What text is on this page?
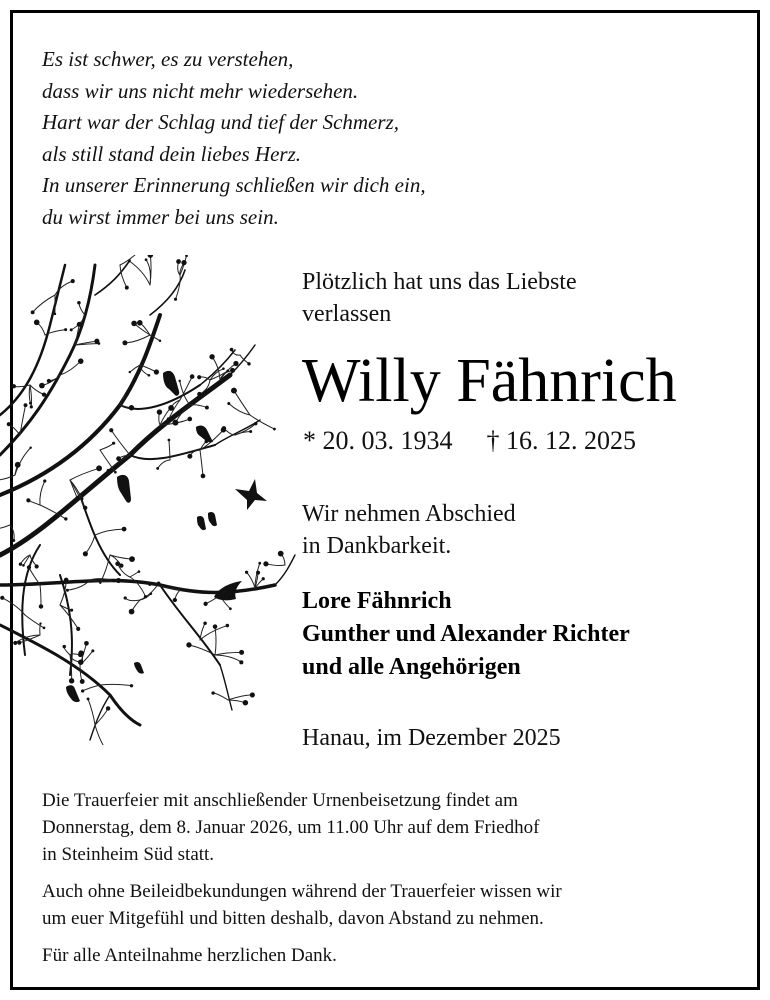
Es ist schwer, es zu verstehen,
dass wir uns nicht mehr wiedersehen.
Hart war der Schlag und tief der Schmerz,
als still stand dein liebes Herz.
In unserer Erinnerung schließen wir dich ein,
du wirst immer bei uns sein.
Plötzlich hat uns das Liebste
verlassen
Willy Fähnrich
* 20. 03. 1934 † 16. 12. 2025
Wir nehmen Abschied
in Dankbarkeit.
Lore Fähnrich
Gunther und Alexander Richter
und alle Angehörigen
Hanau, im Dezember 2025
Die Trauerfeier mit anschließender Urnenbeisetzung findet am
Donnerstag, dem 8. Januar 2026, um 11.00 Uhr auf dem Friedhof
in Steinheim Süd statt.
Auch ohne Beileidbekundungen während der Trauerfeier wissen wir
um euer Mitgefühl und bitten deshalb, davon Abstand zu nehmen.
Für alle Anteilnahme herzlichen Dank.
